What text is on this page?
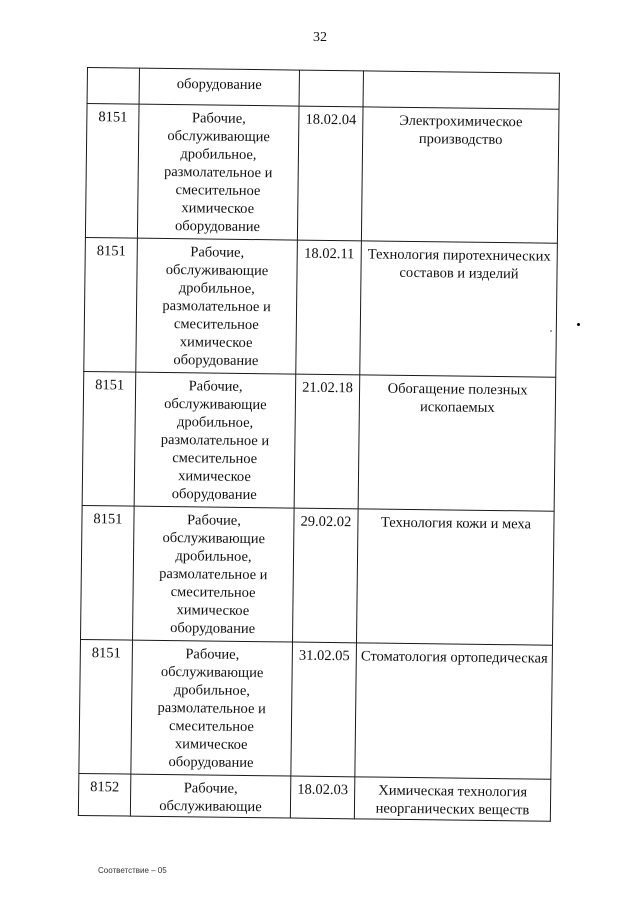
32
	оборудование		
8151	Рабочие, обслуживающие дробильное, размолательное и смесительное химическое оборудование	18.02.04	Электрохимическое производство
8151	Рабочие, обслуживающие дробильное, размолательное и смесительное химическое оборудование	18.02.11	Технология пиротехнических составов и изделий
8151	Рабочие, обслуживающие дробильное, размолательное и смесительное химическое оборудование	21.02.18	Обогащение полезных ископаемых
8151	Рабочие, обслуживающие дробильное, размолательное и смесительное химическое оборудование	29.02.02	Технология кожи и меха
8151	Рабочие, обслуживающие дробильное, размолательное и смесительное химическое оборудование	31.02.05	Стоматология ортопедическая
8152	Рабочие, обслуживающие	18.02.03	Химическая технология неорганических веществ
Соответствие – 05
